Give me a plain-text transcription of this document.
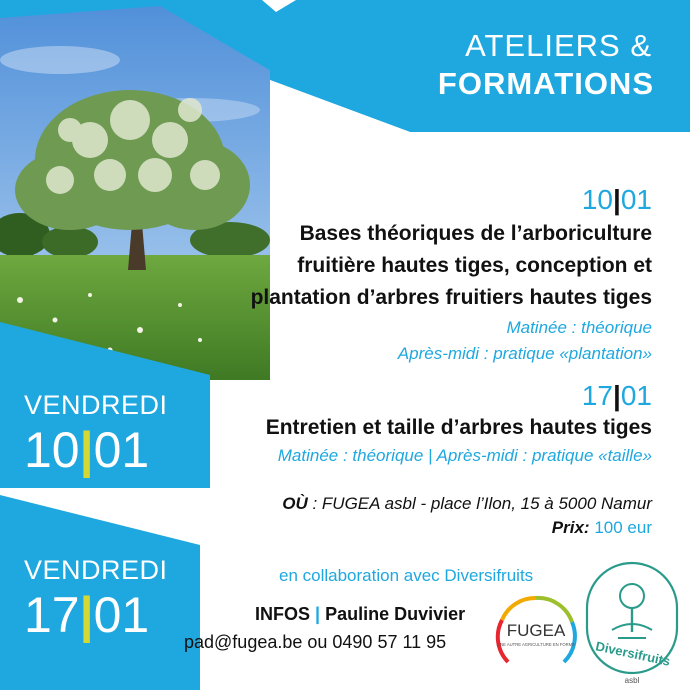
ATELIERS &
FORMATIONS
10|01
Bases théoriques de l’arboriculture
fruitière hautes tiges, conception et
plantation d’arbres fruitiers hautes tiges
Matinée : théorique
Après-midi : pratique «plantation»
17|01
Entretien et taille d’arbres hautes tiges
Matinée : théorique | Après-midi : pratique «taille»
VENDREDI
10|01
VENDREDI
17|01
OÙ : FUGEA asbl - place l’Ilon, 15 à 5000 Namur
Prix: 100 eur
en collaboration avec Diversifruits
INFOS | Pauline Duvivier
pad@fugea.be ou 0490 57 11 95
FUGEA
UNE AUTRE AGRICULTURE EN FORME Diversifruits
asbl
